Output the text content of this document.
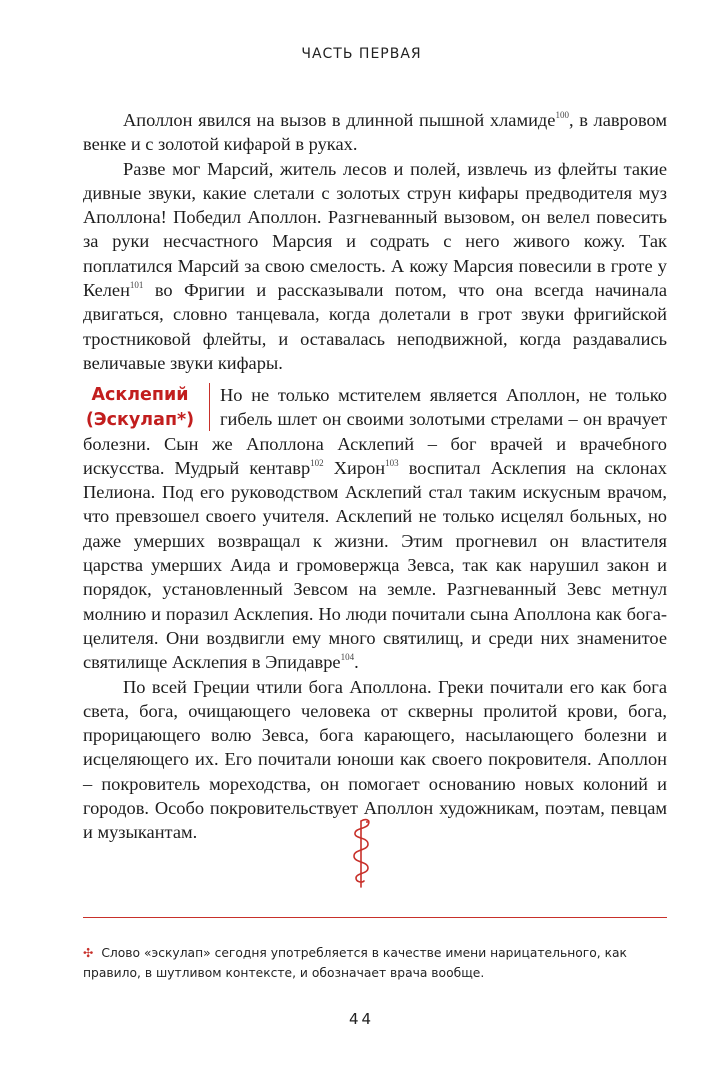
ЧАСТЬ ПЕРВАЯ

Аполлон явился на вызов в длинной пышной хламиде$^{100}$, в лавровом венке и с золотой кифарой в руках.

Разве мог Марсий, житель лесов и полей, извлечь из флейты такие дивные звуки, какие слетали с золотых струн кифары предводителя муз Аполлона! Победил Аполлон. Разгневанный вызовом, он велел повесить за руки несчастного Марсия и содрать с него живого кожу. Так поплатился Марсий за свою смелость. А кожу Марсия повесили в гроте у Келен$^{101}$ во Фригии и рассказывали потом, что она всегда начинала двигаться, словно танцевала, когда долетали в грот звуки фригийской тростниковой флейты, и оставалась неподвижной, когда раздавались величавые звуки кифары.

Асклепий
(Эскулап*)

Но не только мстителем является Аполлон, не только гибель шлет он своими золотыми стрелами – он врачует болезни. Сын же Аполлона Асклепий – бог врачей и врачебного искусства. Мудрый кентавр$^{102}$ Хирон$^{103}$ воспитал Асклепия на склонах Пелиона. Под его руководством Асклепий стал таким искусным врачом, что превзошел своего учителя. Асклепий не только исцелял больных, но даже умерших возвращал к жизни. Этим прогневил он властителя царства умерших Аида и громовержца Зевса, так как нарушил закон и порядок, установленный Зевсом на земле. Разгневанный Зевс метнул молнию и поразил Асклепия. Но люди почитали сына Аполлона как бога-целителя. Они воздвигли ему много святилищ, и среди них знаменитое святилище Асклепия в Эпидавре$^{104}$.

По всей Греции чтили бога Аполлона. Греки почитали его как бога света, бога, очищающего человека от скверны пролитой крови, бога, прорицающего волю Зевса, бога карающего, насылающего болезни и исцеляющего их. Его почитали юноши как своего покровителя. Аполлон – покровитель мореходства, он помогает основанию новых колоний и городов. Особо покровительствует Аполлон художникам, поэтам, певцам и музыкантам.

✣ Слово «эскулап» сегодня употребляется в качестве имени нарицательного, как правило, в шутливом контексте, и обозначает врача вообще.
44
